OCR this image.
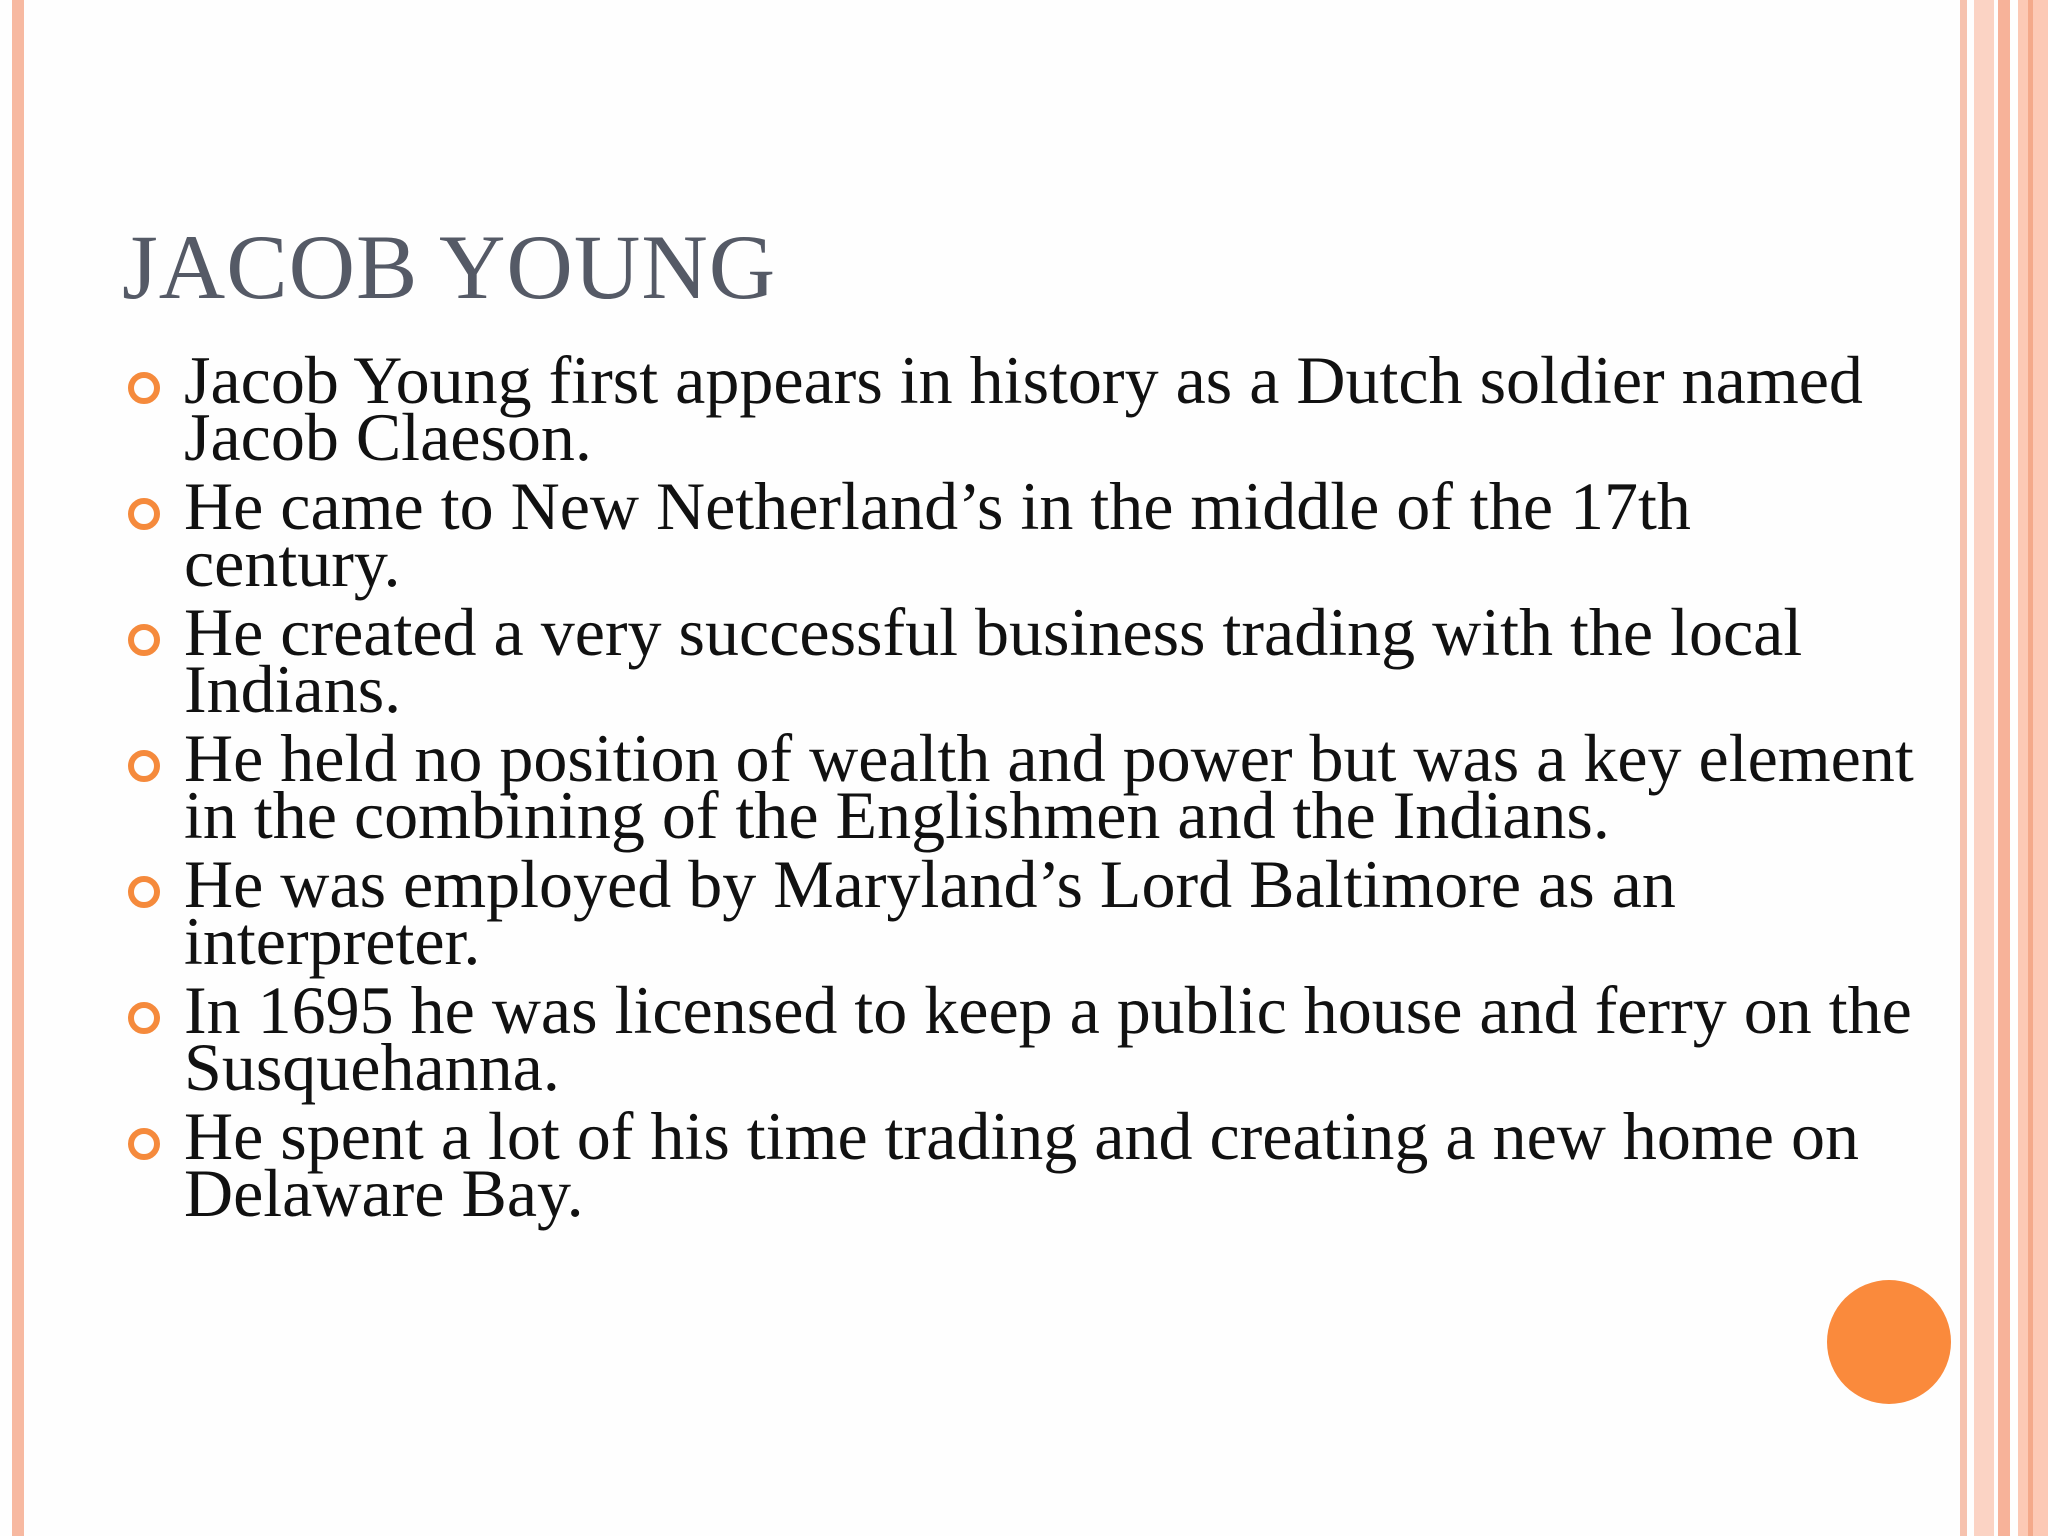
JACOB YOUNG
Jacob Young first appears in history as a Dutch soldier named Jacob Claeson.
He came to New Netherland’s in the middle of the 17th century.
He created a very successful business trading with the local Indians.
He held no position of wealth and power but was a key element in the combining of the Englishmen and the Indians.
He was employed by Maryland’s Lord Baltimore as an interpreter.
In 1695 he was licensed to keep a public house and ferry on the Susquehanna.
He spent a lot of his time trading and creating a new home on Delaware Bay.
